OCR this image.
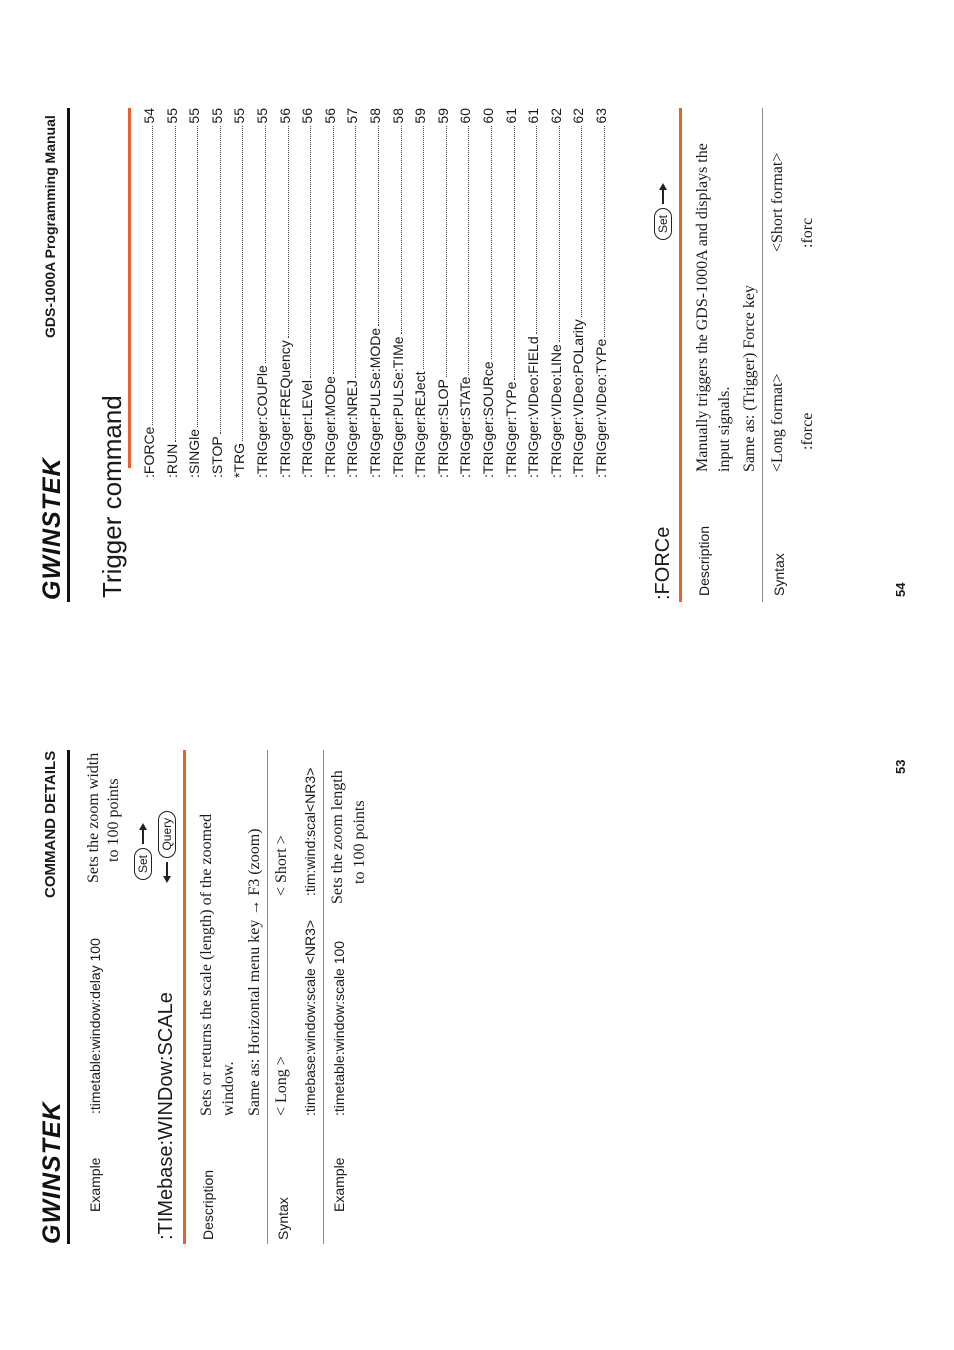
GWINSTEK
COMMAND DETAILS
Example
:timetable:window:delay 100
Sets the zoom width to 100 points
:TIMebase:WINDow:SCALe
Set
Query
Description
Sets or returns the scale (length) of the zoomed window. Same as: Horizontal menu key → F3 (zoom)
Syntax
< Long >
< Short >
:timebase:window:scale <NR3>
:tim:wind:scal<NR3>
Example
:timetable:window:scale 100
Sets the zoom length to 100 points
53
GWINSTEK
GDS-1000A Programming Manual
Trigger command :FORCe
54
:RUN
55
:SINGle
55
:STOP
55
*TRG
55
:TRIGger:COUPle
55
:TRIGger:FREQuency
56
:TRIGger:LEVel
56
:TRIGger:MODe
56
:TRIGger:NREJ
57
:TRIGger:PULSe:MODe
58
:TRIGger:PULSe:TIMe
58
:TRIGger:REJect
59
:TRIGger:SLOP
59
:TRIGger:STATe
60
:TRIGger:SOURce
60
:TRIGger:TYPe
61
:TRIGger:VIDeo:FIELd
61
:TRIGger:VIDeo:LINe
62
:TRIGger:VIDeo:POLarity
62
:TRIGger:VIDeo:TYPe
63
:FORCe
Set
Description
Manually triggers the GDS-1000A and displays the input signals. Same as: (Trigger) Force key
Syntax
<Long format>
<Short format>
:force
:forc
54
